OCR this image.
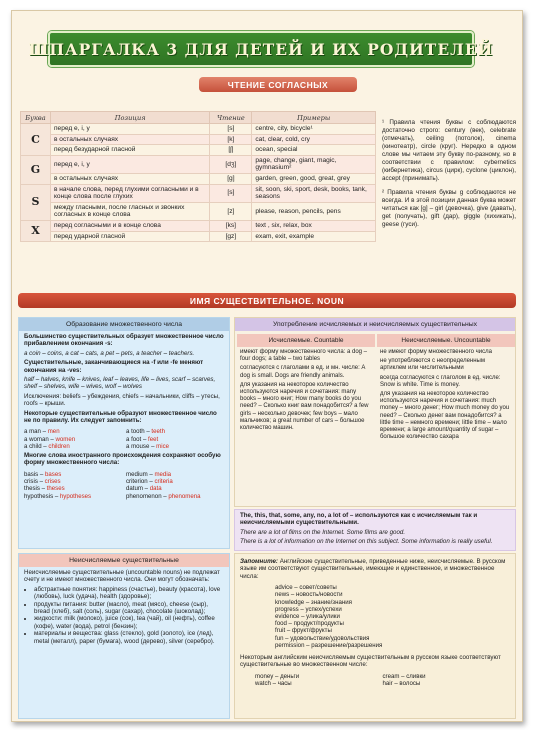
ШПАРГАЛКА 3 ДЛЯ ДЕТЕЙ И ИХ РОДИТЕЛЕЙ
ЧТЕНИЕ СОГЛАСНЫХ
Буква	Позиция	Чтение	Примеры
C	перед e, i, y	[s]	centre, city, bicycle¹
	в остальных случаях	[k]	cat, clear, cold, cry
	перед безударной гласной	[ʃ]	ocean, special
G	перед e, i, y	[dʒ]	page, change, giant, magic, gymnasium²
	в остальных случаях	[g]	garden, green, good, great, grey
S	в начале слова, перед глухими согласными и в конце слова после глухих	[s]	sit, soon, ski, sport, desk, books, tank, seasons
	между гласными, после гласных и звонких согласных в конце слова	[z]	please, reason, pencils, pens
X	перед согласными и в конце слова	[ks]	text , six, relax, box
	перед ударной гласной	[gz]	exam, exit, example

¹ Правила чтения буквы c соблюдаются достаточно строго: century (век), celebrate (отмечать), ceiling (потолок), cinema (кинотеатр), circle (круг). Нередко в одном слове мы читаем эту букву по-разному, но в соответствии с правилом: cybernetics (кибернетика), circus (цирк), cyclone (циклон), accept (принимать).

² Правила чтения буквы g соблюдаются не всегда. И в этой позиции данная буква может читаться как [g] – girl (девочка), give (давать), get (получать), gift (дар), giggle (хихикать), geese (гуси).

ИМЯ СУЩЕСТВИТЕЛЬНОЕ. NOUN
Образование множественного числа

Большинство существительных образует множественное число прибавлением окончания -s:

a coin – coins, a cat – cats, a pet – pets, a teacher – teachers.

Существительные, заканчивающиеся на -f или -fe меняют окончания на -ves:

half – halves, knife – knives, leaf – leaves, life – lives, scarf – scarves, shelf – shelves, wife – wives, wolf – wolves

Исключения: beliefs – убеждения, chiefs – начальники, cliffs – утесы, roofs – крыши.

Некоторые существительные образуют множественное число не по правилу. Их следует запомнить:

a man – men	a tooth – teeth
a woman – women	a foot – feet
a child – children	a mouse – mice

Многие слова иностранного происхождения сохраняют особую форму множественного числа:

basis – bases	medium – media
crisis – crises	criterion – criteria
thesis – theses	datum – data
hypothesis – hypotheses	phenomenon – phenomena
Употребление исчисляемых и неисчисляемых существительных
Исчисляемые. Countable
имеют форму множественного числа: a dog – four dogs; a table – two tables
согласуются с глаголами в ед. и мн. числе: A dog is small. Dogs are friendly animals.
для указания на некоторое количество используются наречия и сочетания: many books – много книг; How many books do you need? – Сколько книг вам понадобится? a few girls – несколько девочек; few boys – мало мальчиков; a great number of cars – большое количество машин.
Неисчисляемые. Uncountable
не имеют форму множественного числа
не употребляются с неопределенным артиклем или числительными
всегда согласуются с глаголом в ед. числе: Snow is white. Time is money.
для указания на некоторое количество используются наречия и сочетания: much money – много денег; How much money do you need? – Сколько денег вам понадобится? a little time – немного времени; little time – мало времени; a large amount/quantity of sugar – большое количество сахара

The, this, that, some, any, no, a lot of – используются как с исчисляемым так и неисчисляемыми существительными.

There are a lot of films on the Internet. Some films are good.

There is a lot of information on the Internet on this subject. Some information is really useful.

Неисчисляемые существительные

Неисчисляемые существительные (uncountable nouns) не подлежат счету и не имеют множественного числа. Они могут обозначать:

• абстрактные понятия: happiness (счастье), beauty (красота), love (любовь), luck (удача), health (здоровье);
• продукты питания: butter (масло), meat (мясо), cheese (сыр), bread (хлеб), salt (соль), sugar (сахар), chocolate (шоколад);
• жидкости: milk (молоко), juice (сок), tea (чай), oil (нефть), coffee (кофе), water (вода), petrol (бензин);
• материалы и вещества: glass (стекло), gold (золото), ice (лед), metal (металл), paper (бумага), wood (дерево), silver (серебро).

Запомните: Английские существительные, приведенные ниже, неисчисляемые. В русском языке им соответствуют существительные, имеющие и единственное, и множественное числа:

advice – совет/советы
news – новость/новости
knowledge – знание/знания
progress – успех/успехи
evidence – улика/улики
food – продукт/продукты
fruit – фрукт/фрукты
fun – удовольствие/удовольствия
permission – разрешение/разрешения

Некоторым английским неисчисляемым существительным в русском языке соответствуют существительные во множественном числе:

money – деньги	cream – сливки
watch – часы	hair – волосы
